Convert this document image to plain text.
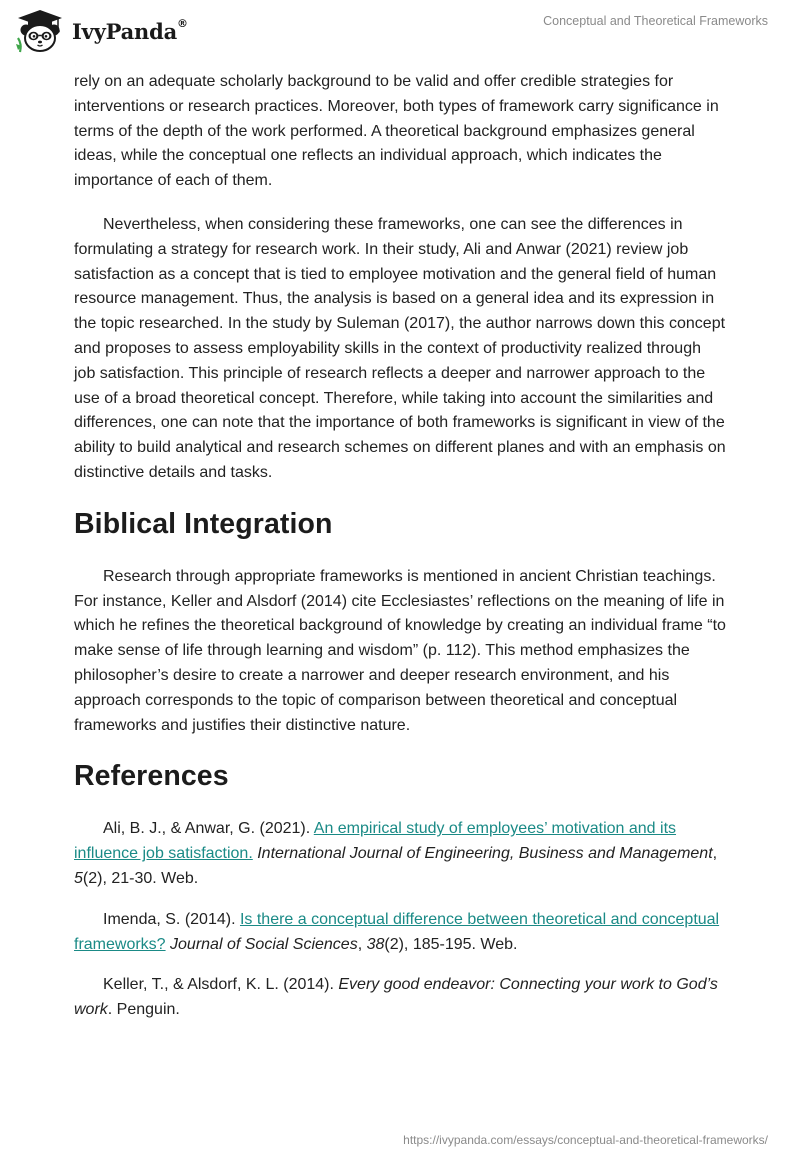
IvyPanda®	Conceptual and Theoretical Frameworks

rely on an adequate scholarly background to be valid and offer credible strategies for interventions or research practices. Moreover, both types of framework carry significance in terms of the depth of the work performed. A theoretical background emphasizes general ideas, while the conceptual one reflects an individual approach, which indicates the importance of each of them.

Nevertheless, when considering these frameworks, one can see the differences in formulating a strategy for research work. In their study, Ali and Anwar (2021) review job satisfaction as a concept that is tied to employee motivation and the general field of human resource management. Thus, the analysis is based on a general idea and its expression in the topic researched. In the study by Suleman (2017), the author narrows down this concept and proposes to assess employability skills in the context of productivity realized through job satisfaction. This principle of research reflects a deeper and narrower approach to the use of a broad theoretical concept. Therefore, while taking into account the similarities and differences, one can note that the importance of both frameworks is significant in view of the ability to build analytical and research schemes on different planes and with an emphasis on distinctive details and tasks.

Biblical Integration

Research through appropriate frameworks is mentioned in ancient Christian teachings. For instance, Keller and Alsdorf (2014) cite Ecclesiastes’ reflections on the meaning of life in which he refines the theoretical background of knowledge by creating an individual frame “to make sense of life through learning and wisdom” (p. 112). This method emphasizes the philosopher’s desire to create a narrower and deeper research environment, and his approach corresponds to the topic of comparison between theoretical and conceptual frameworks and justifies their distinctive nature.

References

Ali, B. J., & Anwar, G. (2021). An empirical study of employees’ motivation and its influence job satisfaction. International Journal of Engineering, Business and Management, 5(2), 21-30. Web.

Imenda, S. (2014). Is there a conceptual difference between theoretical and conceptual frameworks? Journal of Social Sciences, 38(2), 185-195. Web.

Keller, T., & Alsdorf, K. L. (2014). Every good endeavor: Connecting your work to God’s work. Penguin.

https://ivypanda.com/essays/conceptual-and-theoretical-frameworks/
